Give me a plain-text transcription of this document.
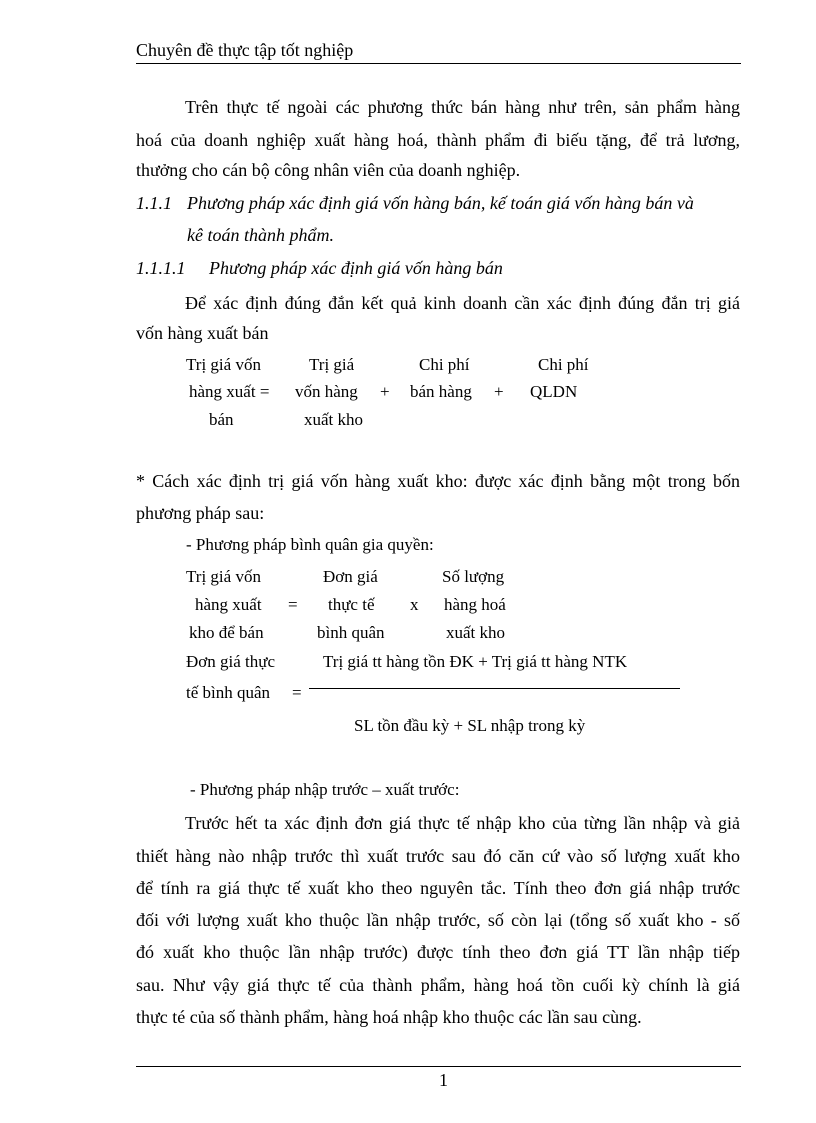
Chuyên đề thực tập tốt nghiệp
Trên thực tế ngoài các phương thức bán hàng như trên, sản phẩm hàng
hoá của doanh nghiệp xuất hàng hoá, thành phẩm đi biếu tặng, để trả lương,
thưởng cho cán bộ công nhân viên của doanh nghiệp.
1.1.1 Phương pháp xác định giá vốn hàng bán, kế toán giá vốn hàng bán và
kê toán thành phẩm.
1.1.1.1 Phương pháp xác định giá vốn hàng bán
Để xác định đúng đắn kết quả kinh doanh cần xác định đúng đắn trị giá
vốn hàng xuất bán
Trị giá vốn
hàng xuất =
bán
Trị giá
vốn hàng
xuất kho
+
Chi phí
bán hàng +
Chi phí
QLDN
* Cách xác định trị giá vốn hàng xuất kho: được xác định bằng một trong bốn
phương pháp sau:
- Phương pháp bình quân gia quyền:
Trị giá vốn
hàng xuất
kho để bán
=
Đơn giá
thực tế
bình quân
x
Số lượng
hàng hoá
xuất kho
Đơn giá thực
tế bình quân =
Trị giá tt hàng tồn ĐK + Trị giá tt hàng NTK
SL tồn đầu kỳ + SL nhập trong kỳ
- Phương pháp nhập trước – xuất trước:
Trước hết ta xác định đơn giá thực tế nhập kho của từng lần nhập và giả
thiết hàng nào nhập trước thì xuất trước sau đó căn cứ vào số lượng xuất kho
để tính ra giá thực tế xuất kho theo nguyên tắc. Tính theo đơn giá nhập trước
đối với lượng xuất kho thuộc lần nhập trước, số còn lại (tổng số xuất kho - số
đó xuất kho thuộc lần nhập trước) được tính theo đơn giá TT lần nhập tiếp
sau. Như vậy giá thực tế của thành phẩm, hàng hoá tồn cuối kỳ chính là giá
thực té của số thành phẩm, hàng hoá nhập kho thuộc các lần sau cùng.
1
